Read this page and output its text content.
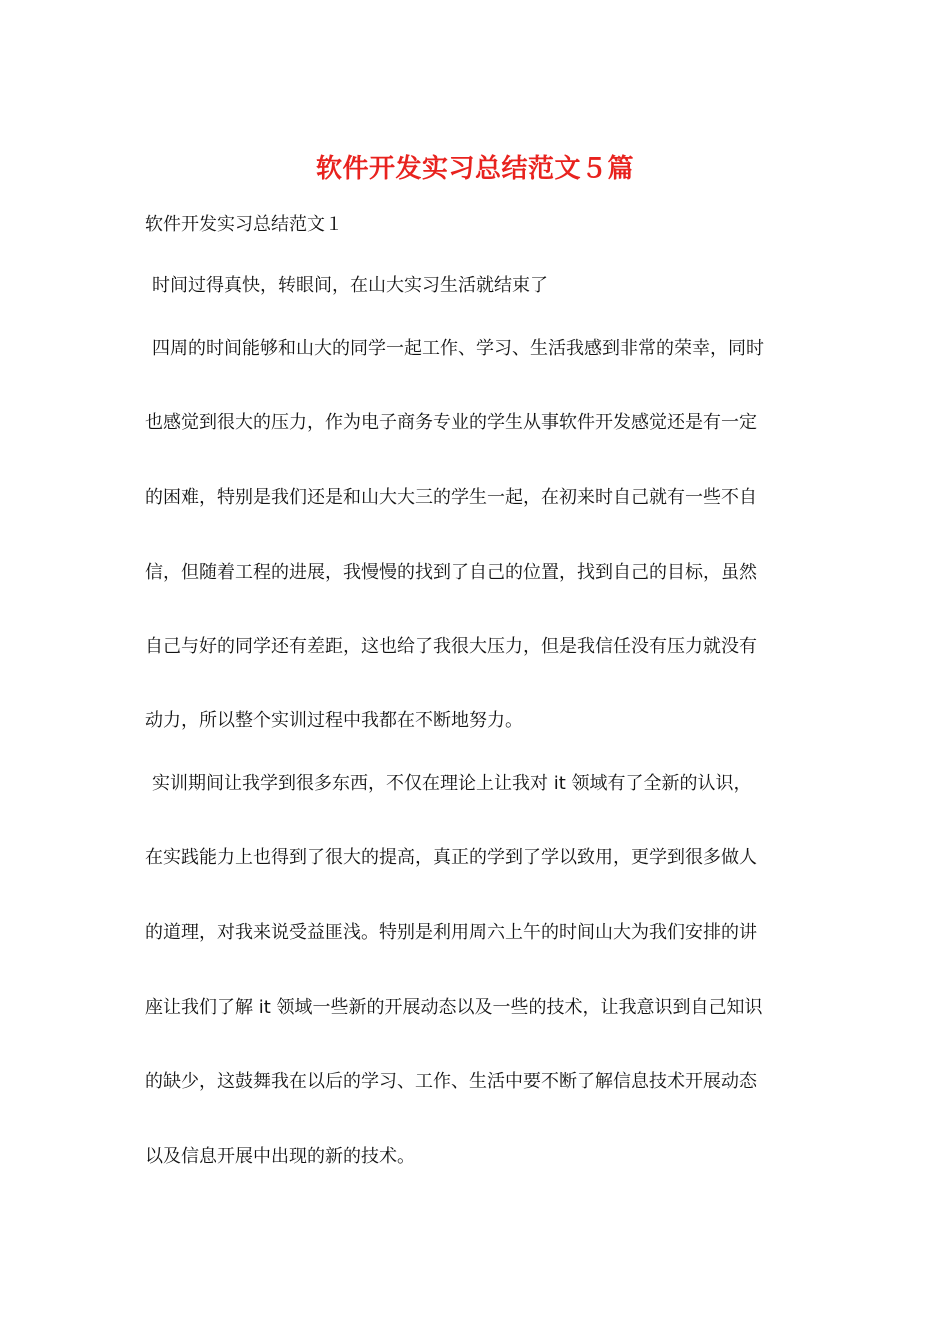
软件开发实习总结范文５篇
软件开发实习总结范文１
时间过得真快，转眼间，在山大实习生活就结束了
四周的时间能够和山大的同学一起工作、学习、生活我感到非常的荣幸，同时
也感觉到很大的压力，作为电子商务专业的学生从事软件开发感觉还是有一定
的困难，特别是我们还是和山大大三的学生一起，在初来时自己就有一些不自
信，但随着工程的进展，我慢慢的找到了自己的位置，找到自己的目标，虽然
自己与好的同学还有差距，这也给了我很大压力，但是我信任没有压力就没有
动力，所以整个实训过程中我都在不断地努力。
实训期间让我学到很多东西，不仅在理论上让我对 it 领域有了全新的认识，
在实践能力上也得到了很大的提高，真正的学到了学以致用，更学到很多做人
的道理，对我来说受益匪浅。特别是利用周六上午的时间山大为我们安排的讲
座让我们了解 it 领域一些新的开展动态以及一些的技术，让我意识到自己知识
的缺少，这鼓舞我在以后的学习、工作、生活中要不断了解信息技术开展动态
以及信息开展中出现的新的技术。
